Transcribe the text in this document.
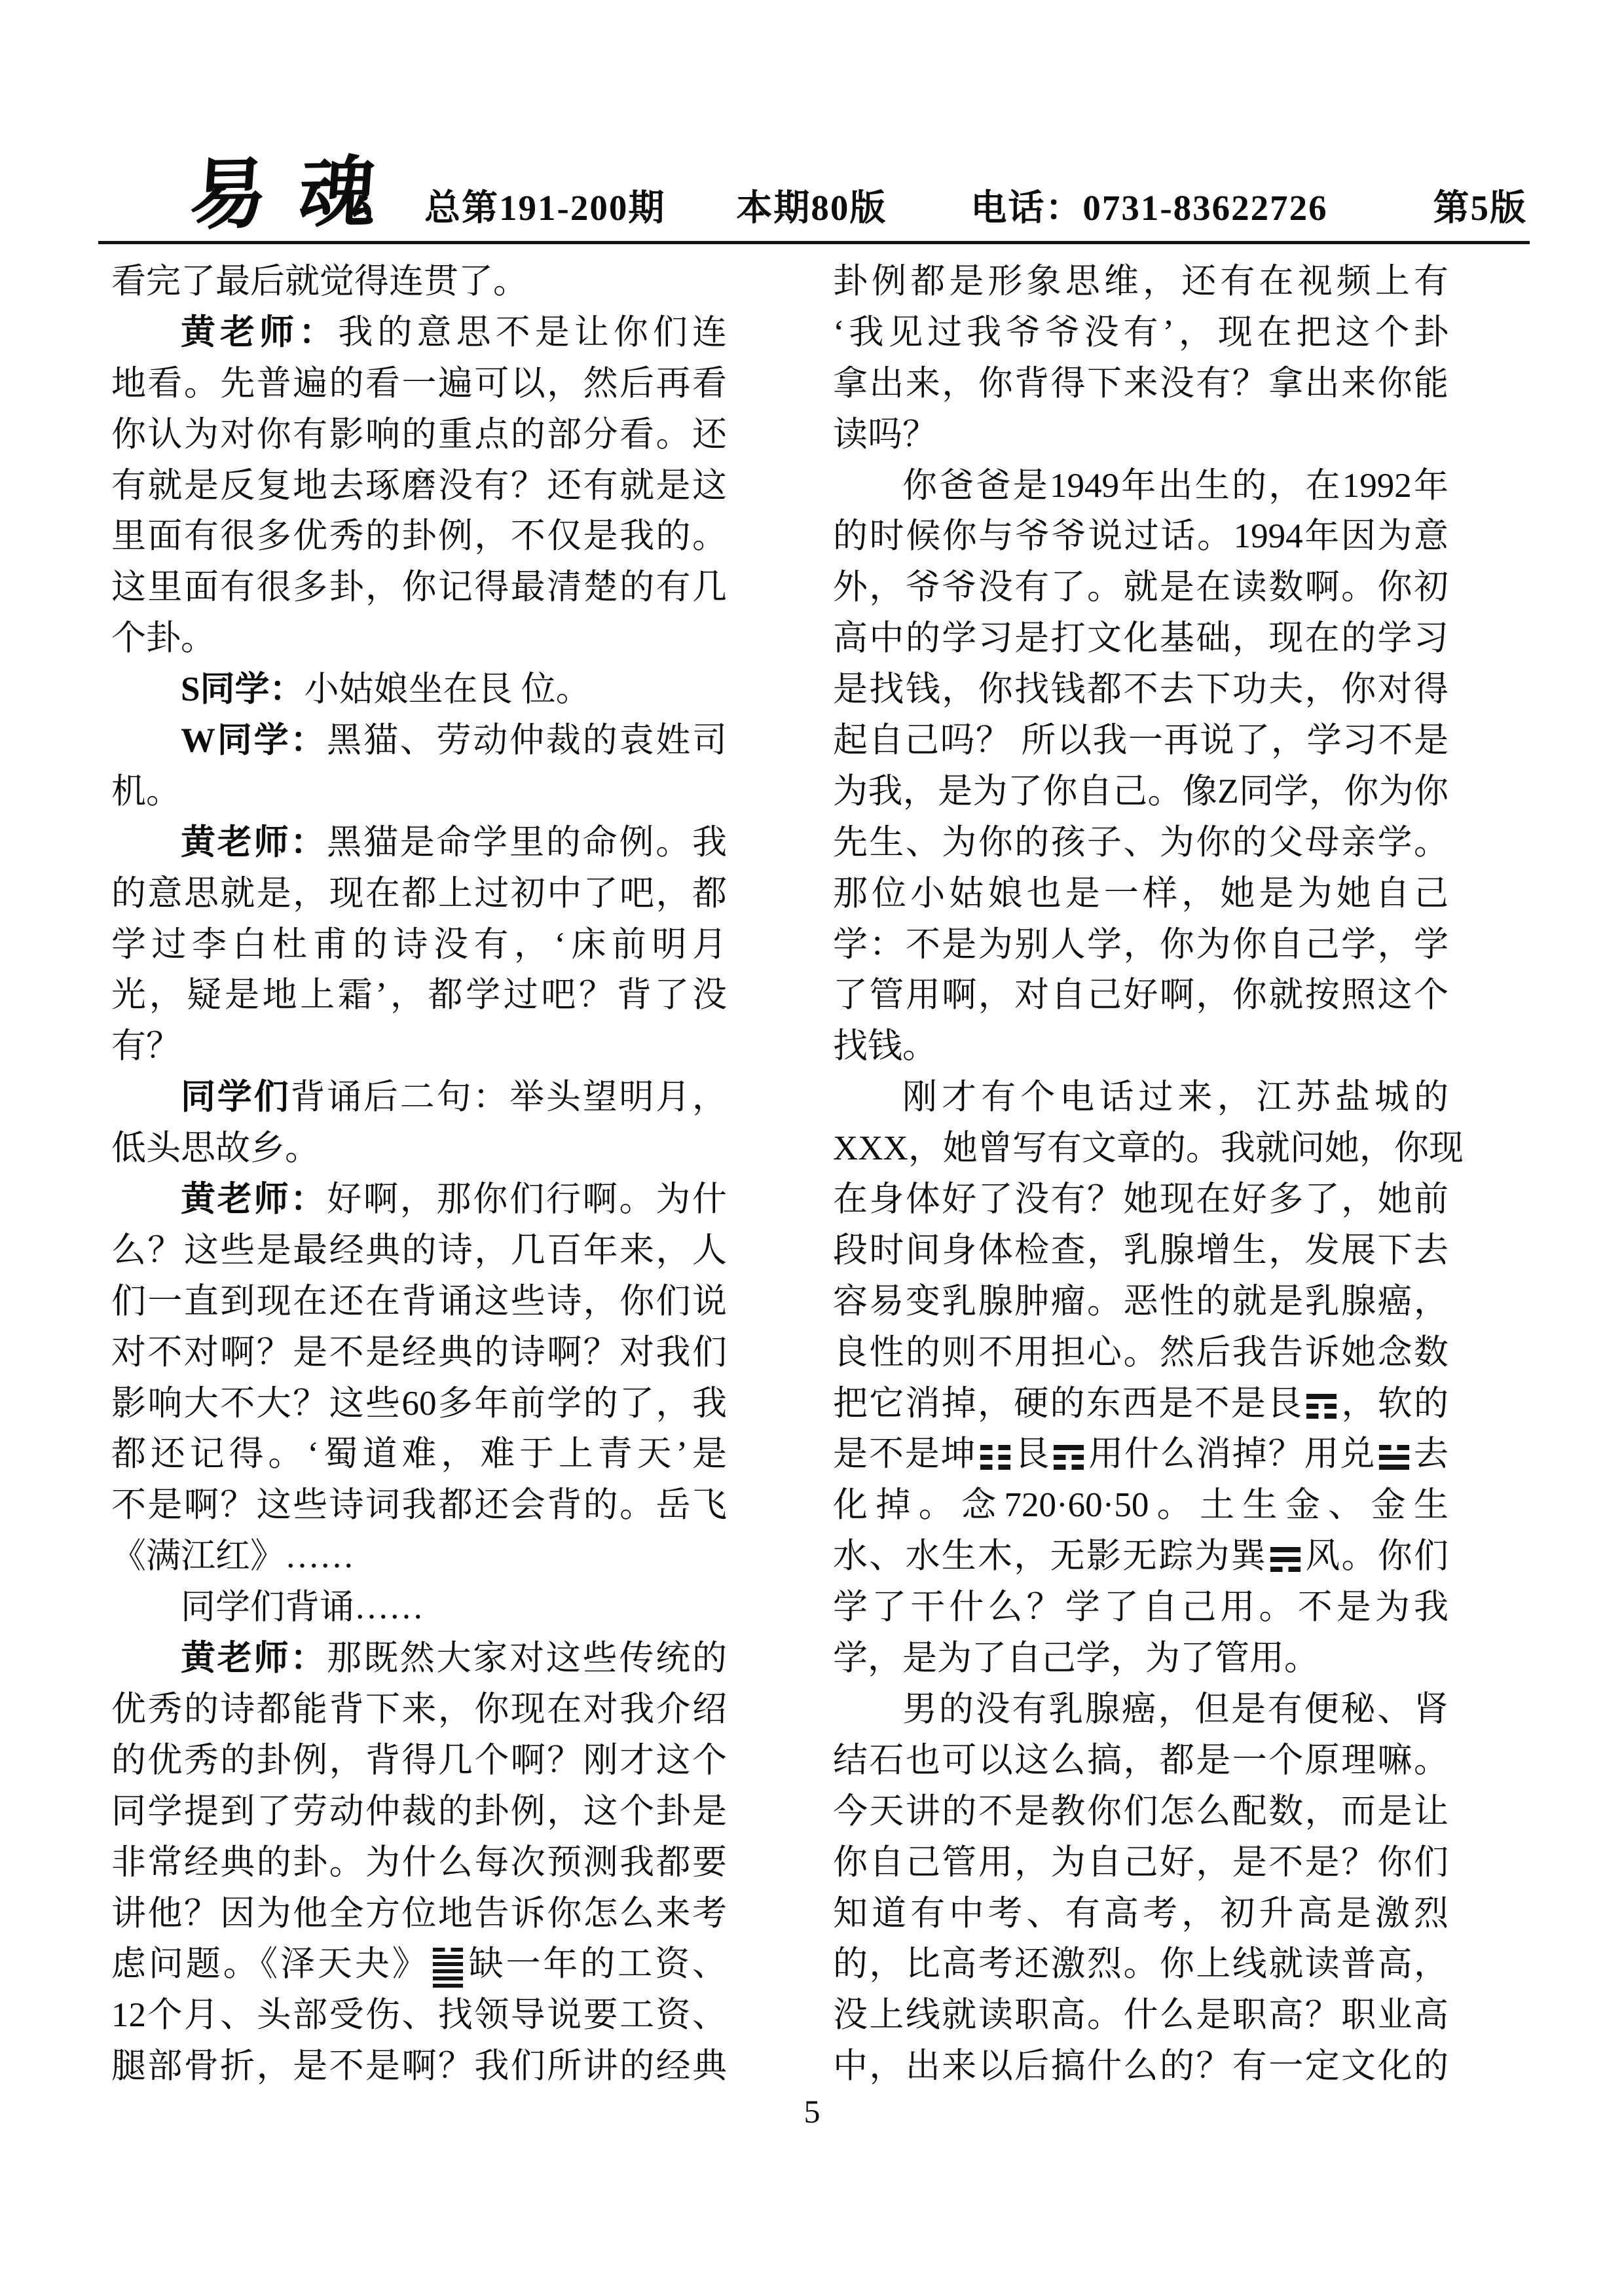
易魂 总第191-200期 本期80版 电话：0731-83622726	第5版
看完了最后就觉得连贯了。
黄老师：我的意思不是让你们连
地看。先普遍的看一遍可以，然后再看
你认为对你有影响的重点的部分看。还
有就是反复地去琢磨没有？还有就是这
里面有很多优秀的卦例，不仅是我的。
这里面有很多卦，你记得最清楚的有几
个卦。
S同学：小姑娘坐在艮 位。
W同学：黑猫、劳动仲裁的袁姓司
机。
黄老师：黑猫是命学里的命例。我
的意思就是，现在都上过初中了吧，都
学过李白杜甫的诗没有，‘床前明月
光，疑是地上霜’，都学过吧？背了没
有？
同学们背诵后二句：举头望明月，
低头思故乡。
黄老师：好啊，那你们行啊。为什
么？这些是最经典的诗，几百年来，人
们一直到现在还在背诵这些诗，你们说
对不对啊？是不是经典的诗啊？对我们
影响大不大？这些60多年前学的了，我
都还记得。‘蜀道难，难于上青天’是
不是啊？这些诗词我都还会背的。岳飞
《满江红》……
同学们背诵……
黄老师：那既然大家对这些传统的
优秀的诗都能背下来，你现在对我介绍
的优秀的卦例，背得几个啊？刚才这个
同学提到了劳动仲裁的卦例，这个卦是
非常经典的卦。为什么每次预测我都要
讲他？因为他全方位地告诉你怎么来考
虑问题。《泽天夬》 缺一年的工资、
12个月、头部受伤、找领导说要工资、
腿部骨折，是不是啊？我们所讲的经典
卦例都是形象思维，还有在视频上有
‘我见过我爷爷没有’，现在把这个卦
拿出来，你背得下来没有？拿出来你能
读吗？
你爸爸是1949年出生的，在1992年
的时候你与爷爷说过话。1994年因为意
外，爷爷没有了。就是在读数啊。你初
高中的学习是打文化基础，现在的学习
是找钱，你找钱都不去下功夫，你对得
起自己吗？ 所以我一再说了，学习不是
为我，是为了你自己。像Z同学，你为你
先生、为你的孩子、为你的父母亲学。
那位小姑娘也是一样，她是为她自己
学：不是为别人学，你为你自己学，学
了管用啊，对自己好啊，你就按照这个
找钱。
刚才有个电话过来，江苏盐城的
XXX，她曾写有文章的。我就问她，你现
在身体好了没有？她现在好多了，她前
段时间身体检查，乳腺增生，发展下去
容易变乳腺肿瘤。恶性的就是乳腺癌，
良性的则不用担心。然后我告诉她念数
把它消掉，硬的东西是不是艮 ，软的
是不是坤 艮 用什么消掉？用兑 去
化掉。念720·60·50。土生金、金生
水、水生木，无影无踪为巽 风。你们
学了干什么？学了自己用。不是为我
学，是为了自己学，为了管用。
男的没有乳腺癌，但是有便秘、肾
结石也可以这么搞，都是一个原理嘛。
今天讲的不是教你们怎么配数，而是让
你自己管用，为自己好，是不是？你们
知道有中考、有高考，初升高是激烈
的，比高考还激烈。你上线就读普高，
没上线就读职高。什么是职高？职业高
中，出来以后搞什么的？有一定文化的
5
